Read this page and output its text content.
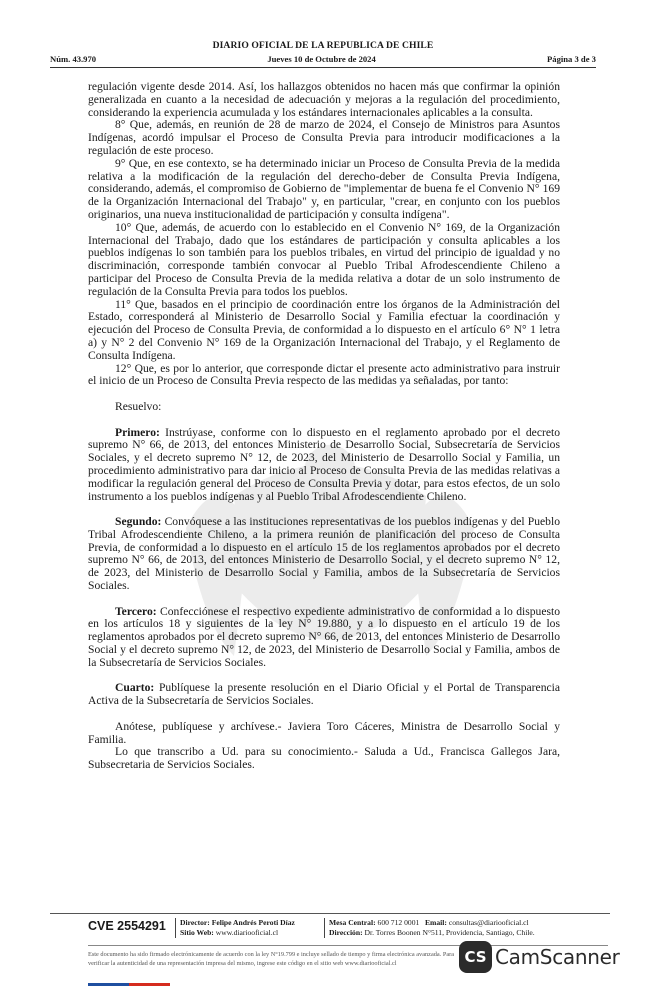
DIARIO OFICIAL DE LA REPUBLICA DE CHILE
Núm. 43.970	Jueves 10 de Octubre de 2024	Página 3 de 3

regulación vigente desde 2014. Así, los hallazgos obtenidos no hacen más que confirmar la opinión generalizada en cuanto a la necesidad de adecuación y mejoras a la regulación del procedimiento, considerando la experiencia acumulada y los estándares internacionales aplicables a la consulta.

8° Que, además, en reunión de 28 de marzo de 2024, el Consejo de Ministros para Asuntos Indígenas, acordó impulsar el Proceso de Consulta Previa para introducir modificaciones a la regulación de este proceso.

9° Que, en ese contexto, se ha determinado iniciar un Proceso de Consulta Previa de la medida relativa a la modificación de la regulación del derecho-deber de Consulta Previa Indígena, considerando, además, el compromiso de Gobierno de "implementar de buena fe el Convenio N° 169 de la Organización Internacional del Trabajo" y, en particular, "crear, en conjunto con los pueblos originarios, una nueva institucionalidad de participación y consulta indígena".

10° Que, además, de acuerdo con lo establecido en el Convenio N° 169, de la Organización Internacional del Trabajo, dado que los estándares de participación y consulta aplicables a los pueblos indígenas lo son también para los pueblos tribales, en virtud del principio de igualdad y no discriminación, corresponde también convocar al Pueblo Tribal Afrodescendiente Chileno a participar del Proceso de Consulta Previa de la medida relativa a dotar de un solo instrumento de regulación de la Consulta Previa para todos los pueblos.

11° Que, basados en el principio de coordinación entre los órganos de la Administración del Estado, corresponderá al Ministerio de Desarrollo Social y Familia efectuar la coordinación y ejecución del Proceso de Consulta Previa, de conformidad a lo dispuesto en el artículo 6° N° 1 letra a) y N° 2 del Convenio N° 169 de la Organización Internacional del Trabajo, y el Reglamento de Consulta Indígena.

12° Que, es por lo anterior, que corresponde dictar el presente acto administrativo para instruir el inicio de un Proceso de Consulta Previa respecto de las medidas ya señaladas, por tanto:

Resuelvo:

Primero: Instrúyase, conforme con lo dispuesto en el reglamento aprobado por el decreto supremo N° 66, de 2013, del entonces Ministerio de Desarrollo Social, Subsecretaría de Servicios Sociales, y el decreto supremo N° 12, de 2023, del Ministerio de Desarrollo Social y Familia, un procedimiento administrativo para dar inicio al Proceso de Consulta Previa de las medidas relativas a modificar la regulación general del Proceso de Consulta Previa y dotar, para estos efectos, de un solo instrumento a los pueblos indígenas y al Pueblo Tribal Afrodescendiente Chileno.

Segundo: Convóquese a las instituciones representativas de los pueblos indígenas y del Pueblo Tribal Afrodescendiente Chileno, a la primera reunión de planificación del proceso de Consulta Previa, de conformidad a lo dispuesto en el artículo 15 de los reglamentos aprobados por el decreto supremo N° 66, de 2013, del entonces Ministerio de Desarrollo Social, y el decreto supremo N° 12, de 2023, del Ministerio de Desarrollo Social y Familia, ambos de la Subsecretaría de Servicios Sociales.

Tercero: Confecciónese el respectivo expediente administrativo de conformidad a lo dispuesto en los artículos 18 y siguientes de la ley N° 19.880, y a lo dispuesto en el artículo 19 de los reglamentos aprobados por el decreto supremo N° 66, de 2013, del entonces Ministerio de Desarrollo Social y el decreto supremo N° 12, de 2023, del Ministerio de Desarrollo Social y Familia, ambos de la Subsecretaría de Servicios Sociales.

Cuarto: Publíquese la presente resolución en el Diario Oficial y el Portal de Transparencia Activa de la Subsecretaría de Servicios Sociales.

Anótese, publíquese y archívese.- Javiera Toro Cáceres, Ministra de Desarrollo Social y Familia.

Lo que transcribo a Ud. para su conocimiento.- Saluda a Ud., Francisca Gallegos Jara, Subsecretaria de Servicios Sociales.

CVE 2554291 Director: Felipe Andrés Peroti Díaz
Sitio Web: www.diariooficial.cl
Mesa Central: 600 712 0001 Email: consultas@diariooficial.cl
Dirección: Dr. Torres Boonen N°511, Providencia, Santiago, Chile.
Este documento ha sido firmado electrónicamente de acuerdo con la ley N°19.799 e incluye sellado de tiempo y firma electrónica avanzada. Para verificar la autenticidad de una representación impresa del mismo, ingrese este código en el sitio web www.diariooficial.cl	CS CamScanner
